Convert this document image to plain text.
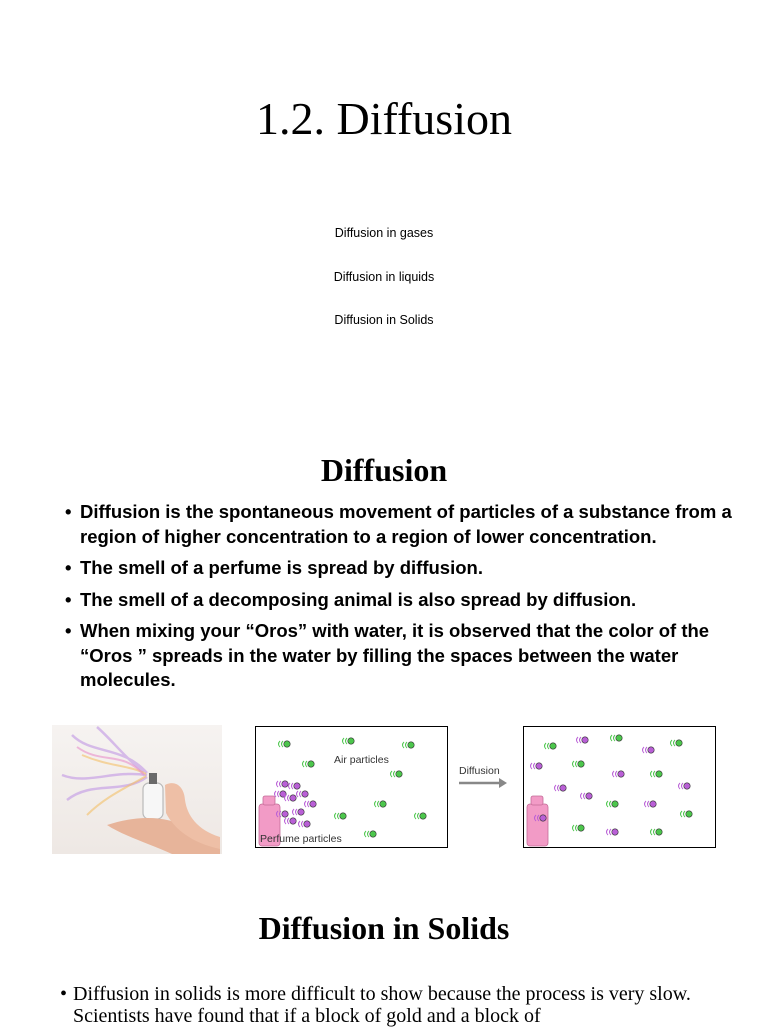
1.2. Diffusion
Diffusion in gases
Diffusion in liquids
Diffusion in Solids
Diffusion
• Diffusion is the spontaneous movement of particles of a substance from a region of higher concentration to a region of lower concentration.
• The smell of a perfume is spread by diffusion.
• The smell of a decomposing animal is also spread by diffusion.
• When mixing your “Oros” with water, it is observed that the color of the “Oros ” spreads in the water by filling the spaces between the water molecules.
Air particles
Perfume particles
Diffusion
Diffusion in Solids
• Diffusion in solids is more difficult to show because the process is very slow. Scientists have found that if a block of gold and a block of
